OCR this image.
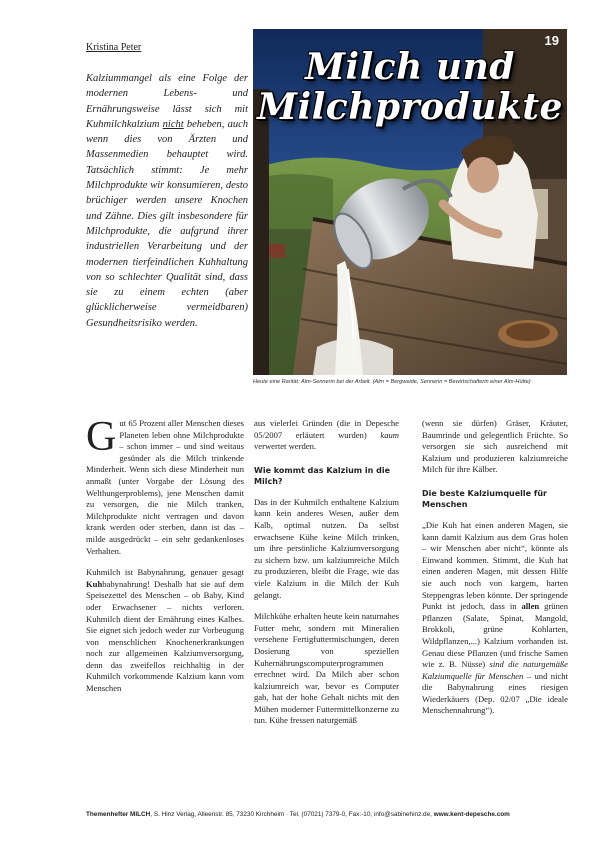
Kristina Peter

Kalziummangel als eine Folge der modernen Lebens- und Ernährungsweise lässt sich mit Kuhmilchkalzium nicht beheben, auch wenn dies von Ärzten und Massenmedien behauptet wird. Tatsächlich stimmt: Je mehr Milchprodukte wir konsumieren, desto brüchiger werden unsere Knochen und Zähne. Dies gilt insbesondere für Milchprodukte, die aufgrund ihrer industriellen Verarbeitung und der modernen tierfeindlichen Kuhhaltung von so schlechter Qualität sind, dass sie zu einem echten (aber glücklicherweise vermeidbaren) Gesundheitsrisiko werden.

19
Milch und
Milchprodukte
Heute eine Rarität: Alm-Sennerin bei der Arbeit. (Alm = Bergweide, Sennerin = Bewirtschafterin einer Alm-Hütte)

Gut 65 Prozent aller Menschen dieses Planeten leben ohne Milchprodukte – schon immer – und sind weitaus gesünder als die Milch trinkende Minderheit. Wenn sich diese Minderheit nun anmaßt (unter Vorgabe der Lösung des Welthungerproblems), jene Menschen damit zu versorgen, die nie Milch tranken, Milchprodukte nicht vertragen und davon krank werden oder sterben, dann ist das – milde ausgedrückt – ein sehr gedankenloses Verhalten.

Kuhmilch ist Babynahrung, genauer gesagt Kuhbabynahrung! Deshalb hat sie auf dem Speisezettel des Menschen – ob Baby, Kind oder Erwachsener – nichts verloren. Kuhmilch dient der Ernährung eines Kalbes. Sie eignet sich jedoch weder zur Vorbeugung von menschlichen Knochenerkrankungen noch zur allgemeinen Kalziumversorgung, denn das zweifellos reichhaltig in der Kuhmilch vorkommende Kalzium kann vom Menschen

aus vielerlei Gründen (die in Depesche 05/2007 erläutert wurden) kaum verwertet werden.

Wie kommt das Kalzium in die Milch?

Das in der Kuhmilch enthaltene Kalzium kann kein anderes Wesen, außer dem Kalb, optimal nutzen. Da selbst erwachsene Kühe keine Milch trinken, um ihre persönliche Kalziumversorgung zu sichern bzw. um kalziumreiche Milch zu produzieren, bleibt die Frage, wie das viele Kalzium in die Milch der Kuh gelangt.

Milchkühe erhalten heute kein naturnahes Futter mehr, sondern mit Mineralien versehene Fertigfuttermischungen, deren Dosierung von speziellen Kuhernährungscomputerprogrammen errechnet wird. Da Milch aber schon kalziumreich war, bevor es Computer gab, hat der hohe Gehalt nichts mit den Mühen moderner Futtermittelkonzerne zu tun. Kühe fressen naturgemäß

(wenn sie dürfen) Gräser, Kräuter, Baumrinde und gelegentlich Früchte. So versorgen sie sich ausreichend mit Kalzium und produzieren kalziumreiche Milch für ihre Kälber.

Die beste Kalziumquelle für Menschen

„Die Kuh hat einen anderen Magen, sie kann damit Kalzium aus dem Gras holen – wir Menschen aber nicht“, könnte als Einwand kommen. Stimmt, die Kuh hat einen anderen Magen, mit dessen Hilfe sie auch noch von kargem, harten Steppengras leben könnte. Der springende Punkt ist jedoch, dass in allen grünen Pflanzen (Salate, Spinat, Mangold, Brokkoli, grüne Kohlarten, Wildpflanzen,...) Kalzium vorhanden ist. Genau diese Pflanzen (und frische Samen wie z. B. Nüsse) sind die naturgemäße Kalziumquelle für Menschen – und nicht die Babynahrung eines riesigen Wiederkäuers (Dep. 02/07 „Die ideale Menschennahrung“).

Themenhefter MILCH, S. Hinz Verlag, Alleenstr. 85, 73230 Kirchheim · Tel. (07021) 7379-0, Fax:-10, info@sabinehinz.de, www.kent-depesche.com
